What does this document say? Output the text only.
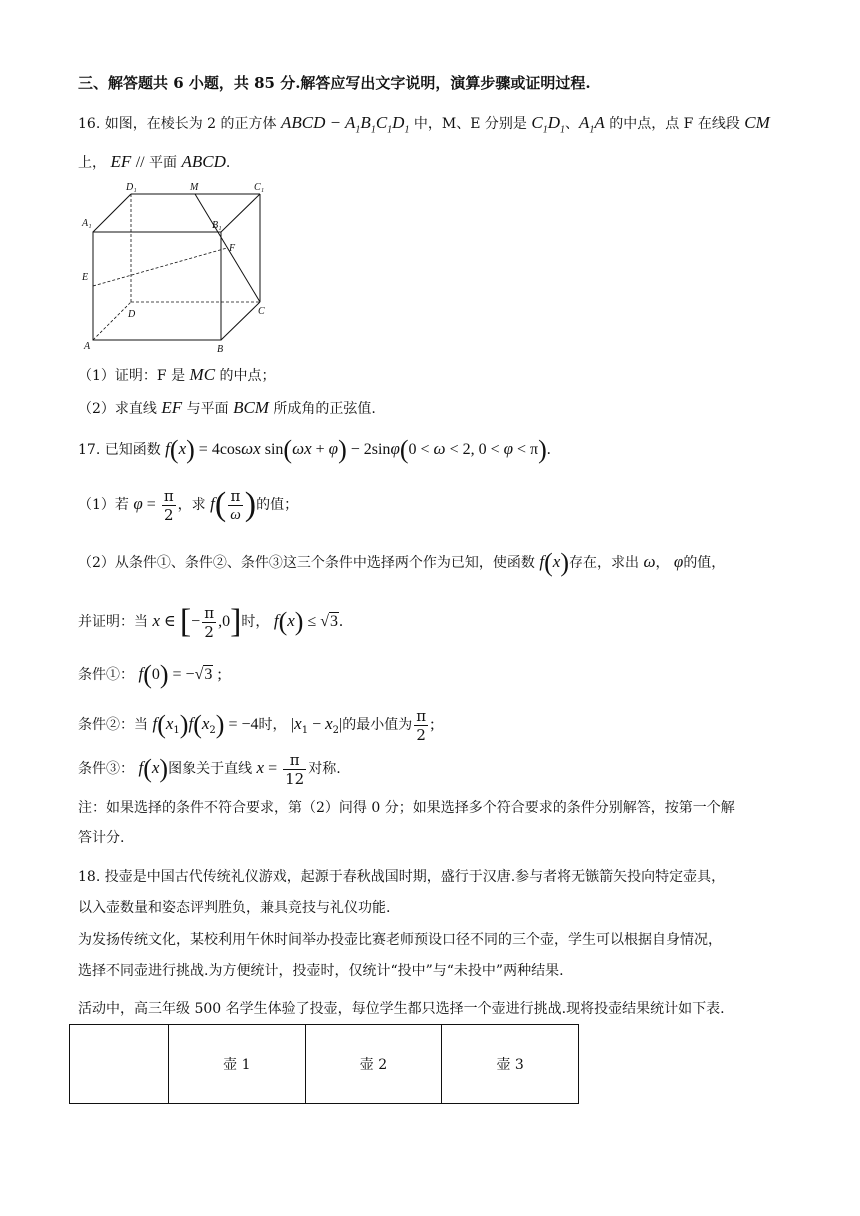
三、解答题共 6 小题，共 85 分.解答应写出文字说明，演算步骤或证明过程.
16. 如图，在棱长为 2 的正方体 ABCD − $A_1B_1C_1D_1$ 中，M、E 分别是 $C_1D_1$、$A_1A$ 的中点，点 F 在线段 CM
上， EF // 平面 ABCD.
D₁	M	C₁
A₁	B₁
F
E
D	C
A	B
（1）证明：F 是 MC 的中点；
（2）求直线 EF 与平面 BCM 所成角的正弦值.
17. 已知函数 f(x) = 4cosωx sin(ωx + φ) − 2sinφ(0 < ω < 2, 0 < φ < π).
（1）若 $\varphi = \frac{\pi}{2}$ ，求 $f( \frac{\pi}{\omega}$ )的值；
（2）从条件①、条件②、条件③这三个条件中选择两个作为已知，使函数 f(x)存在，求出 ω， φ的值，
并证明：当 x ∈ [− $\frac{\pi}{2} ,0$]时， f(x) ≤ √3.
条件①： f(0) = −√3 ;
条件②：当 $f(x_1)f(x_2) = -4$时， $|x_1 - x_2|$的最小值为 $\frac{\pi}{2}$ ;
条件③： f(x)图象关于直线 $x = \frac{\pi}{12}$ 对称.
注：如果选择的条件不符合要求，第（2）问得 0 分；如果选择多个符合要求的条件分别解答，按第一个解
答计分.
18. 投壶是中国古代传统礼仪游戏，起源于春秋战国时期，盛行于汉唐.参与者将无镞箭矢投向特定壶具，
以入壶数量和姿态评判胜负，兼具竞技与礼仪功能.
为发扬传统文化，某校利用午休时间举办投壶比赛老师预设口径不同的三个壶，学生可以根据自身情况，
选择不同壶进行挑战.为方便统计，投壶时，仅统计“投中”与“未投中”两种结果.
活动中，高三年级 500 名学生体验了投壶，每位学生都只选择一个壶进行挑战.现将投壶结果统计如下表.
	壶 1	壶 2	壶 3
